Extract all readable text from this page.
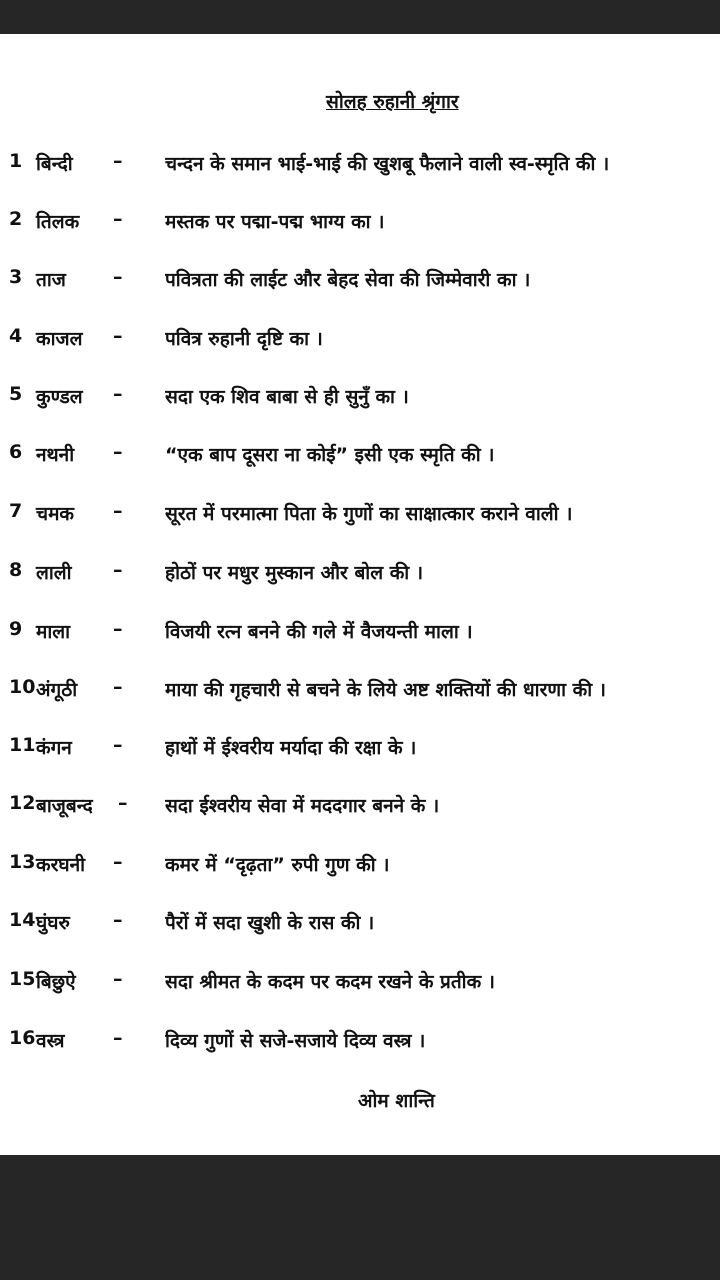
सोलह रुहानी श्रृंगार
1 बिन्दी – चन्दन के समान भाई-भाई की खुशबू फैलाने वाली स्व-स्मृति की ।
2 तिलक – मस्तक पर पद्मा-पद्म भाग्य का ।
3 ताज – पवित्रता की लाईट और बेहद सेवा की जिम्मेवारी का ।
4 काजल – पवित्र रुहानी दृष्टि का ।
5 कुण्डल – सदा एक शिव बाबा से ही सुनुँ का ।
6 नथनी – “एक बाप दूसरा ना कोई” इसी एक स्मृति की ।
7 चमक – सूरत में परमात्मा पिता के गुणों का साक्षात्कार कराने वाली ।
8 लाली – होठों पर मधुर मुस्कान और बोल की ।
9 माला – विजयी रत्न बनने की गले में वैजयन्ती माला ।
10 अंगूठी – माया की गृहचारी से बचने के लिये अष्ट शक्तियों की धारणा की ।
11 कंगन – हाथों में ईश्वरीय मर्यादा की रक्षा के ।
12 बाजूबन्द – सदा ईश्वरीय सेवा में मददगार बनने के ।
13 करघनी – कमर में “दृढ़ता” रुपी गुण की ।
14 घुंघरु – पैरों में सदा खुशी के रास की ।
15 बिछुऐ – सदा श्रीमत के कदम पर कदम रखने के प्रतीक ।
16 वस्त्र	– दिव्य गुणों से सजे-सजाये दिव्य वस्त्र ।
ओम शान्ति
